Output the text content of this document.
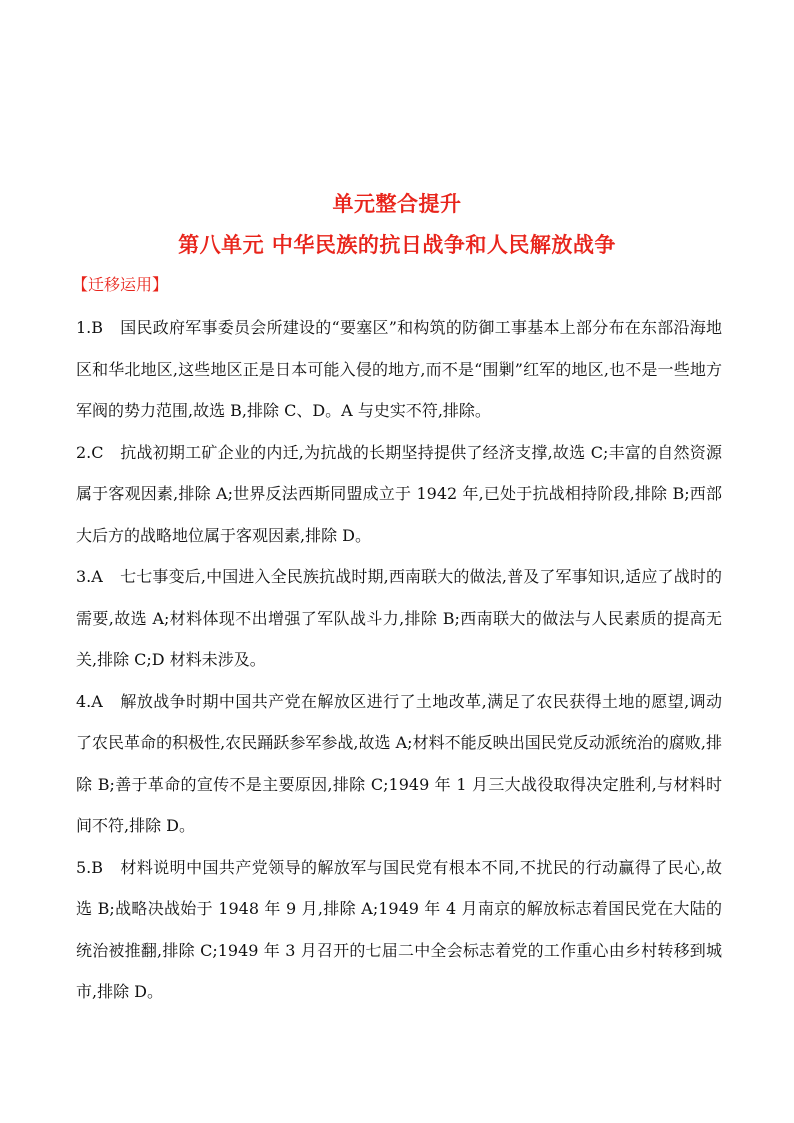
单元整合提升
第八单元 中华民族的抗日战争和人民解放战争
【迁移运用】

1.B 国民政府军事委员会所建设的“要塞区”和构筑的防御工事基本上部分布在东部沿海地区和华北地区,这些地区正是日本可能入侵的地方,而不是“围剿”红军的地区,也不是一些地方军阀的势力范围,故选 B,排除 C、D。A 与史实不符,排除。

2.C 抗战初期工矿企业的内迁,为抗战的长期坚持提供了经济支撑,故选 C;丰富的自然资源属于客观因素,排除 A;世界反法西斯同盟成立于 1942 年,已处于抗战相持阶段,排除 B;西部大后方的战略地位属于客观因素,排除 D。

3.A 七七事变后,中国进入全民族抗战时期,西南联大的做法,普及了军事知识,适应了战时的需要,故选 A;材料体现不出增强了军队战斗力,排除 B;西南联大的做法与人民素质的提高无关,排除 C;D 材料未涉及。

4.A 解放战争时期中国共产党在解放区进行了土地改革,满足了农民获得土地的愿望,调动了农民革命的积极性,农民踊跃参军参战,故选 A;材料不能反映出国民党反动派统治的腐败,排除 B;善于革命的宣传不是主要原因,排除 C;1949 年 1 月三大战役取得决定胜利,与材料时间不符,排除 D。

5.B 材料说明中国共产党领导的解放军与国民党有根本不同,不扰民的行动赢得了民心,故选 B;战略决战始于 1948 年 9 月,排除 A;1949 年 4 月南京的解放标志着国民党在大陆的统治被推翻,排除 C;1949 年 3 月召开的七届二中全会标志着党的工作重心由乡村转移到城市,排除 D。
